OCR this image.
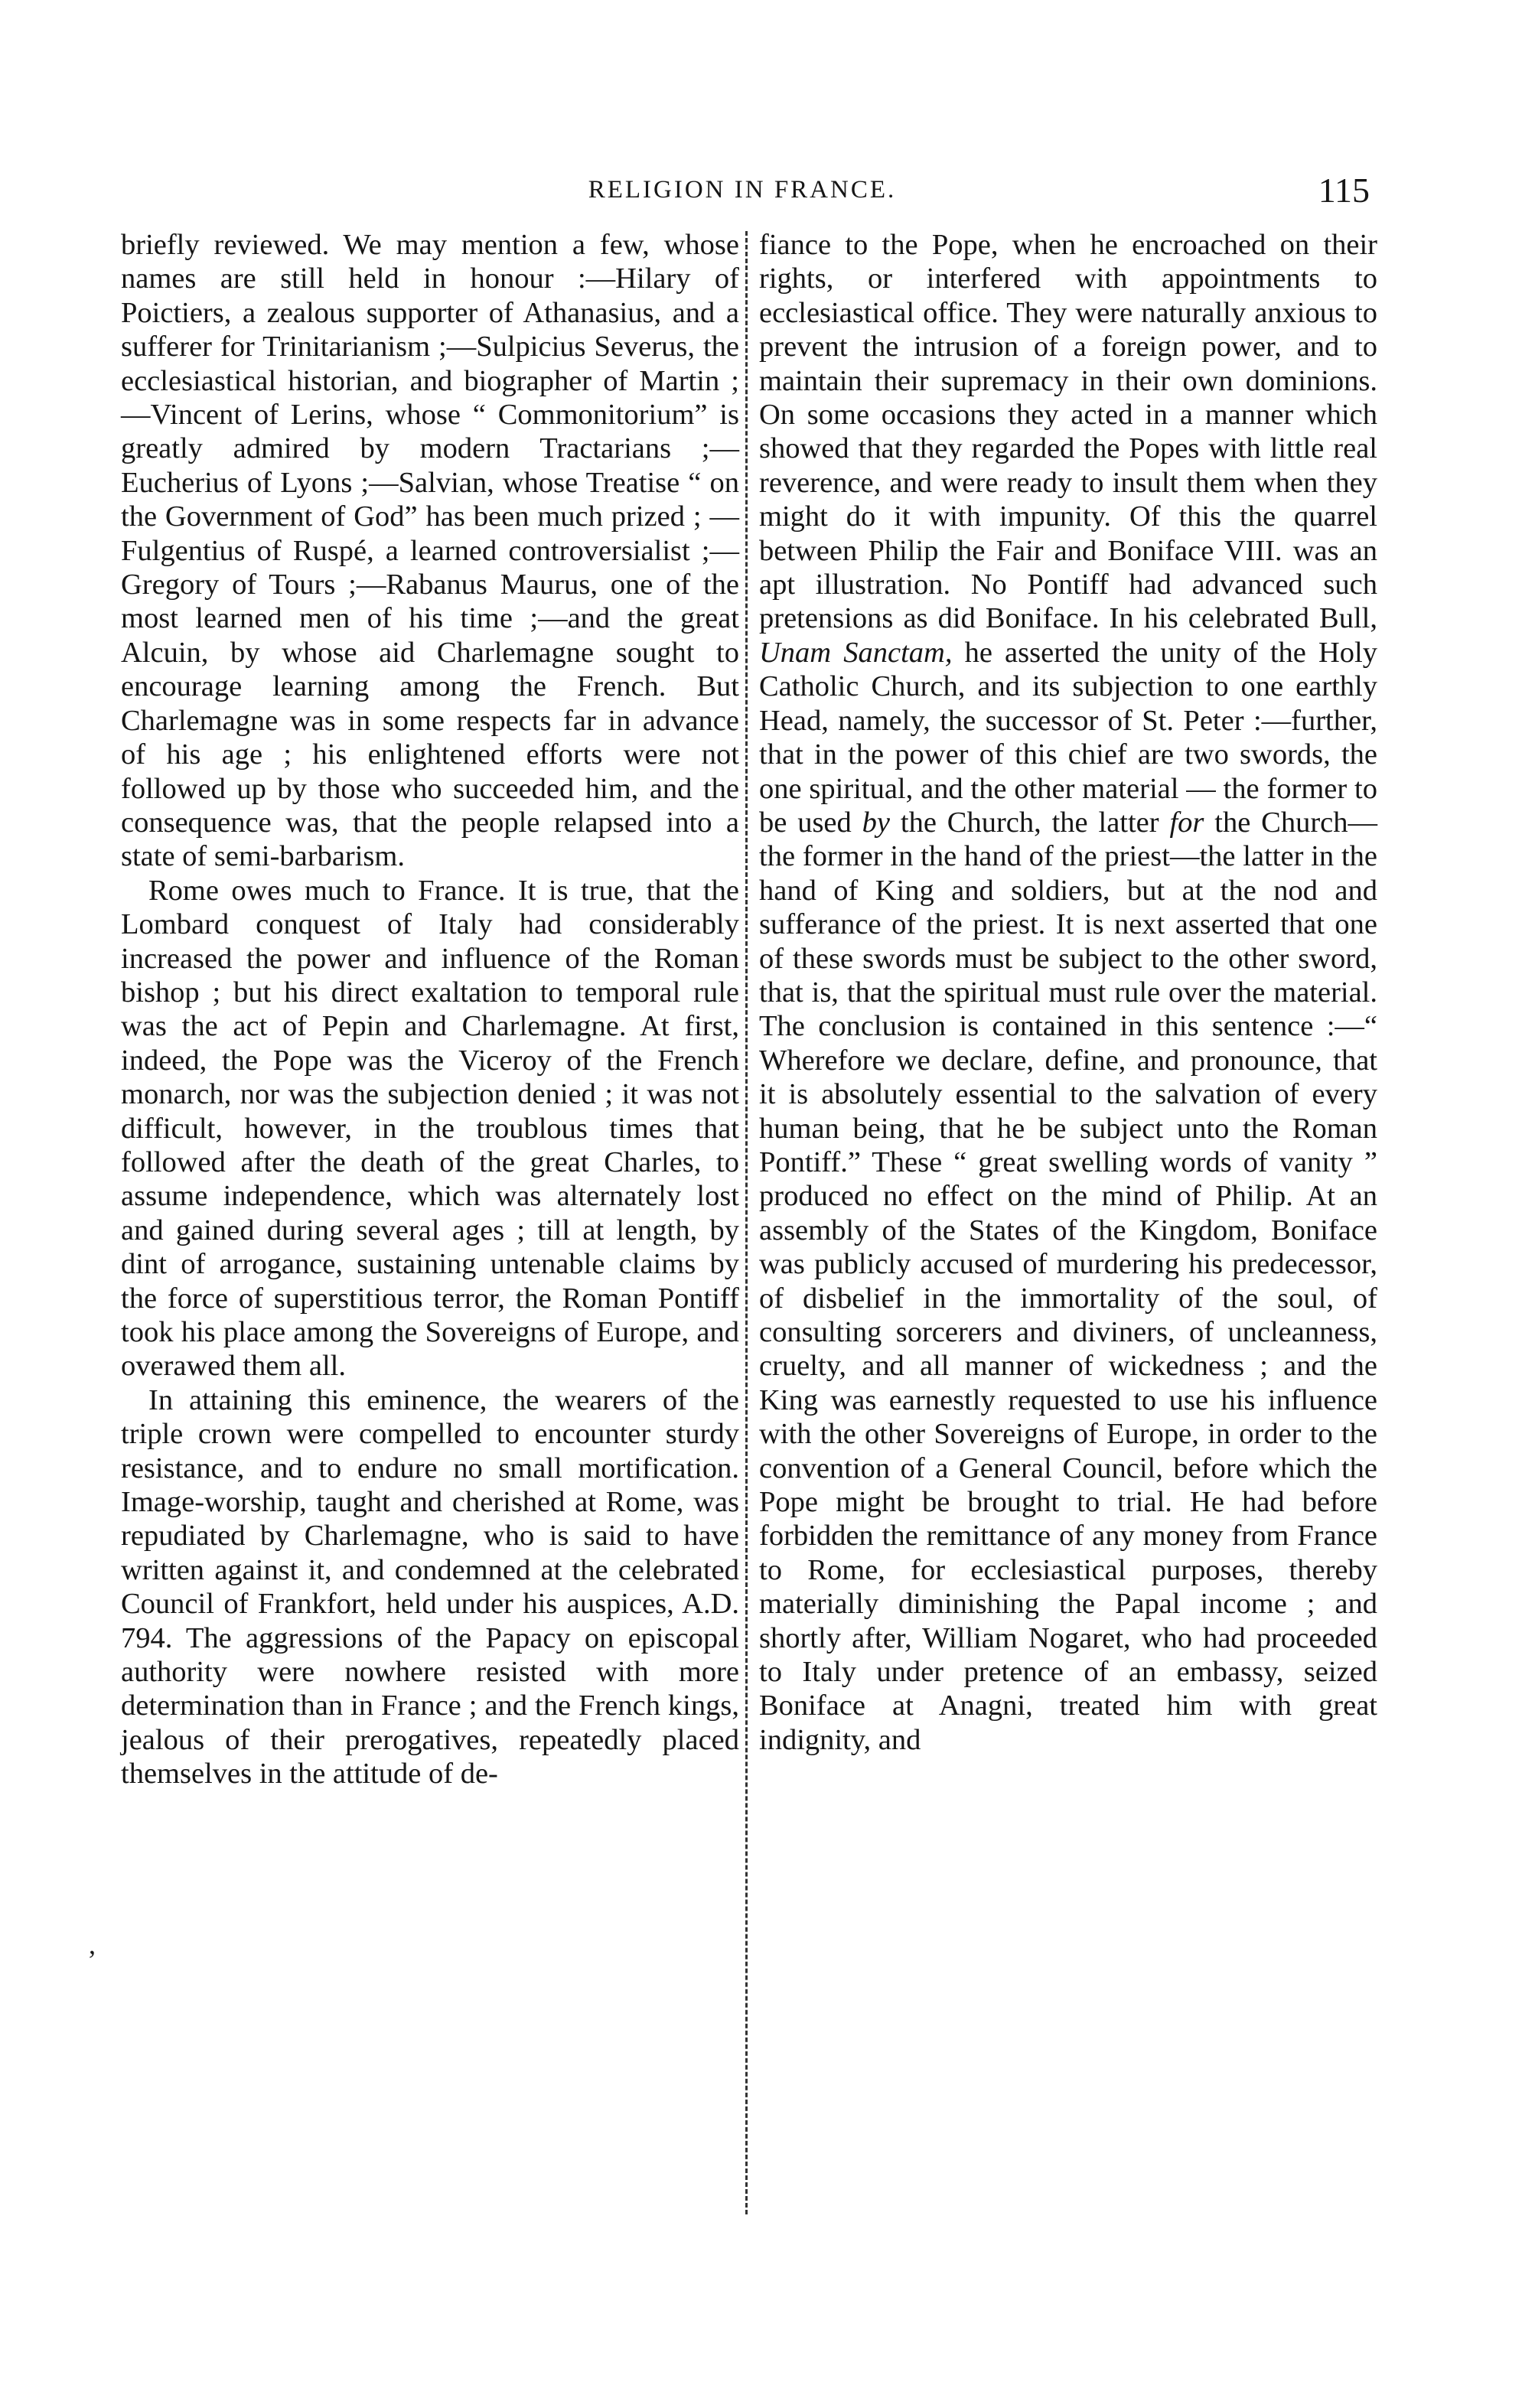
RELIGION IN FRANCE.	115
,

briefly reviewed. We may mention a few, whose names are still held in honour :—Hilary of Poictiers, a zealous supporter of Athanasius, and a sufferer for Trinitarianism ;—Sulpicius Severus, the ecclesiastical historian, and biographer of Martin ;—Vincent of Lerins, whose “ Commonitorium” is greatly admired by modern Tractarians ;—Eucherius of Lyons ;—Salvian, whose Treatise “ on the Government of God” has been much prized ; — Fulgentius of Ruspé, a learned controversialist ;— Gregory of Tours ;—Rabanus Maurus, one of the most learned men of his time ;—and the great Alcuin, by whose aid Charlemagne sought to encourage learning among the French. But Charlemagne was in some respects far in advance of his age ; his enlightened efforts were not followed up by those who succeeded him, and the consequence was, that the people relapsed into a state of semi-barbarism.

Rome owes much to France. It is true, that the Lombard conquest of Italy had considerably increased the power and influence of the Roman bishop ; but his direct exaltation to temporal rule was the act of Pepin and Charlemagne. At first, indeed, the Pope was the Viceroy of the French monarch, nor was the subjection denied ; it was not difficult, however, in the troublous times that followed after the death of the great Charles, to assume independence, which was alternately lost and gained during several ages ; till at length, by dint of arrogance, sustaining untenable claims by the force of superstitious terror, the Roman Pontiff took his place among the Sovereigns of Europe, and overawed them all.

In attaining this eminence, the wearers of the triple crown were compelled to encounter sturdy resistance, and to endure no small mortification. Image-worship, taught and cherished at Rome, was repudiated by Charlemagne, who is said to have written against it, and condemned at the celebrated Council of Frankfort, held under his auspices, A.D. 794. The aggressions of the Papacy on episcopal authority were nowhere resisted with more determination than in France ; and the French kings, jealous of their prerogatives, repeatedly placed themselves in the attitude of de-

fiance to the Pope, when he encroached on their rights, or interfered with appointments to ecclesiastical office. They were naturally anxious to prevent the intrusion of a foreign power, and to maintain their supremacy in their own dominions. On some occasions they acted in a manner which showed that they regarded the Popes with little real reverence, and were ready to insult them when they might do it with impunity. Of this the quarrel between Philip the Fair and Boniface VIII. was an apt illustration. No Pontiff had advanced such pretensions as did Boniface. In his celebrated Bull, Unam Sanctam, he asserted the unity of the Holy Catholic Church, and its subjection to one earthly Head, namely, the successor of St. Peter :—further, that in the power of this chief are two swords, the one spiritual, and the other material — the former to be used by the Church, the latter for the Church—the former in the hand of the priest—the latter in the hand of King and soldiers, but at the nod and sufferance of the priest. It is next asserted that one of these swords must be subject to the other sword, that is, that the spiritual must rule over the material. The conclusion is contained in this sentence :—“ Wherefore we declare, define, and pronounce, that it is absolutely essential to the salvation of every human being, that he be subject unto the Roman Pontiff.” These “ great swelling words of vanity ” produced no effect on the mind of Philip. At an assembly of the States of the Kingdom, Boniface was publicly accused of murdering his predecessor, of disbelief in the immortality of the soul, of consulting sorcerers and diviners, of uncleanness, cruelty, and all manner of wickedness ; and the King was earnestly requested to use his influence with the other Sovereigns of Europe, in order to the convention of a General Council, before which the Pope might be brought to trial. He had before forbidden the remittance of any money from France to Rome, for ecclesiastical purposes, thereby materially diminishing the Papal income ; and shortly after, William Nogaret, who had proceeded to Italy under pretence of an embassy, seized Boniface at Anagni, treated him with great indignity, and
